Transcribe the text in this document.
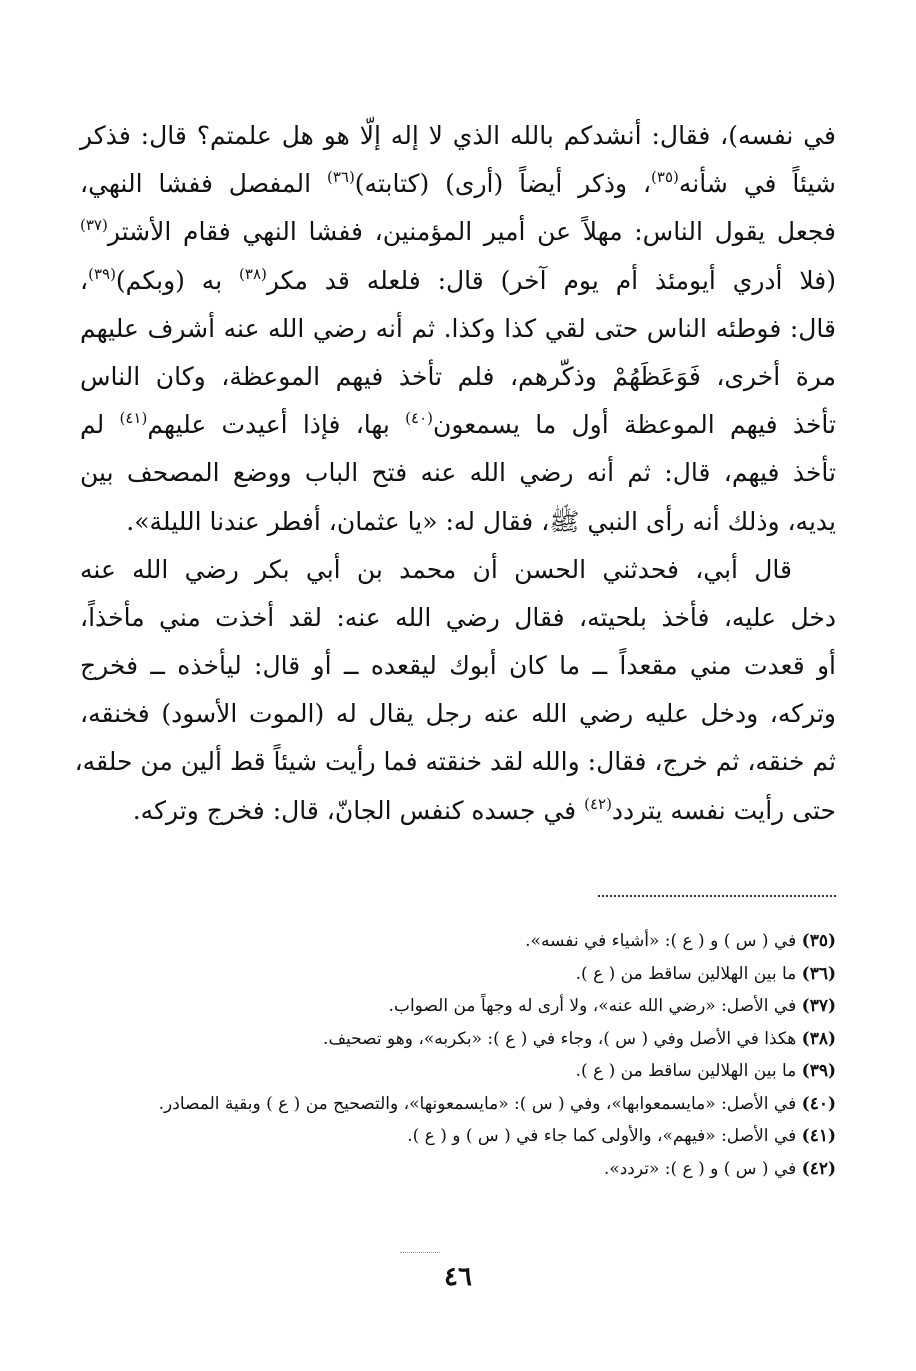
في نفسه)، فقال: أنشدكم بالله الذي لا إله إلّا هو هل علمتم؟ قال: فذكر
شيئاً في شأنه$^{(٣٥)}$، وذكر أيضاً (أرى) (كتابته)$^{(٣٦)}$ المفصل ففشا النهي،
فجعل يقول الناس: مهلاً عن أمير المؤمنين، ففشا النهي فقام الأشتر$^{(٣٧)}$
(فلا أدري أيومئذ أم يوم آخر) قال: فلعله قد مكر$^{(٣٨)}$ به (وبكم)$^{(٣٩)}$،
قال: فوطئه الناس حتى لقي كذا وكذا. ثم أنه رضي الله عنه أشرف عليهم
مرة أخرى، فَوَعَظَهُمْ وذكّرهم، فلم تأخذ فيهم الموعظة، وكان الناس
تأخذ فيهم الموعظة أول ما يسمعون$^{(٤٠)}$ بها، فإذا أعيدت عليهم$^{(٤١)}$ لم
تأخذ فيهم، قال: ثم أنه رضي الله عنه فتح الباب ووضع المصحف بين
يديه، وذلك أنه رأى النبي ﷺ، فقال له: «يا عثمان، أفطر عندنا الليلة».
قال أبي، فحدثني الحسن أن محمد بن أبي بكر رضي الله عنه
دخل عليه، فأخذ بلحيته، فقال رضي الله عنه: لقد أخذت مني مأخذاً،
أو قعدت مني مقعداً ــ ما كان أبوك ليقعده ــ أو قال: ليأخذه ــ فخرج
وتركه، ودخل عليه رضي الله عنه رجل يقال له (الموت الأسود) فخنقه،
ثم خنقه، ثم خرج، فقال: والله لقد خنقته فما رأيت شيئاً قط ألين من حلقه،
حتى رأيت نفسه يتردد$^{(٤٢)}$ في جسده كنفس الجانّ، قال: فخرج وتركه.
(٣٥) في ( س ) و ( ع ): «أشياء في نفسه».
(٣٦) ما بين الهلالين ساقط من ( ع ).
(٣٧) في الأصل: «رضي الله عنه»، ولا أرى له وجهاً من الصواب.
(٣٨) هكذا في الأصل وفي ( س )، وجاء في ( ع ): «بكربه»، وهو تصحيف.
(٣٩) ما بين الهلالين ساقط من ( ع ).
(٤٠) في الأصل: «مايسمعوابها»، وفي ( س ): «مايسمعونها»، والتصحيح من ( ع ) وبقية المصادر.
(٤١) في الأصل: «فيهم»، والأولى كما جاء في ( س ) و ( ع ).
(٤٢) في ( س ) و ( ع ): «تردد».
٤٦
